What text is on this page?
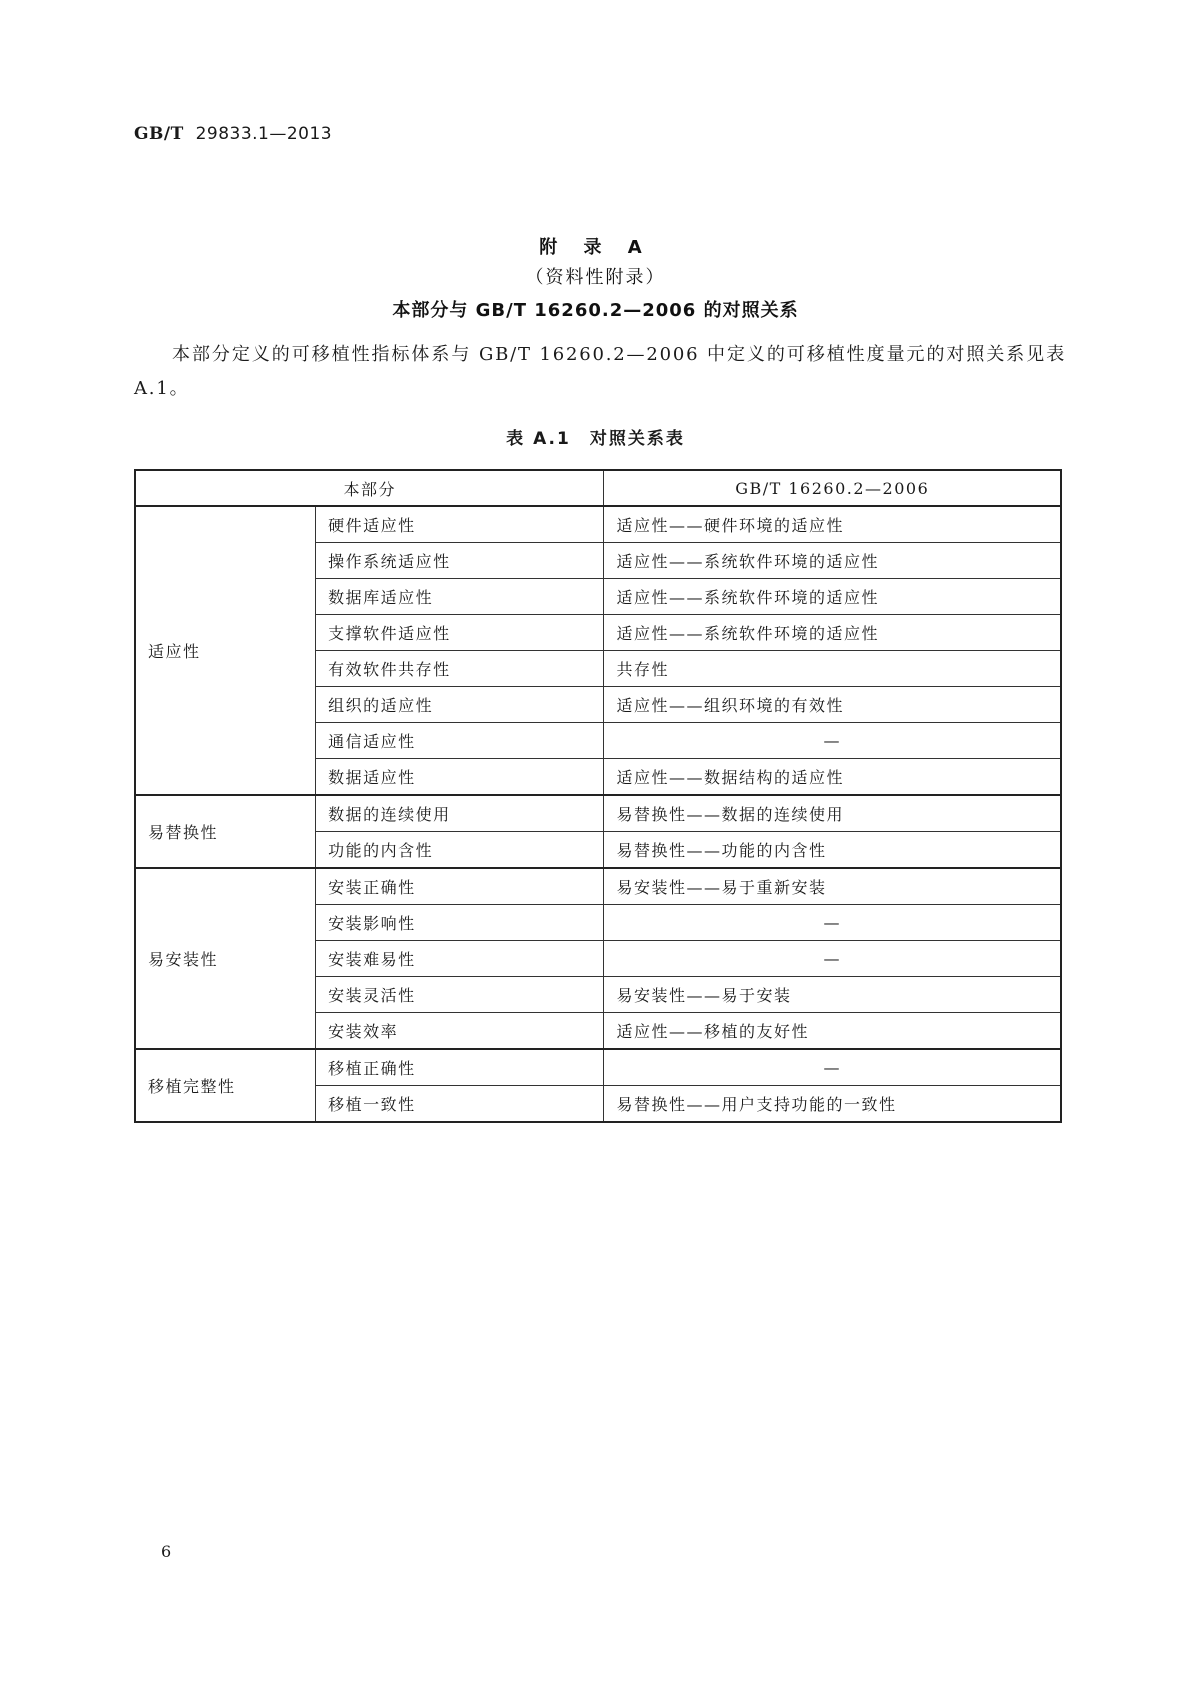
GB/T 29833.1—2013
附 录 A
（资料性附录）
本部分与 GB/T 16260.2—2006 的对照关系
本部分定义的可移植性指标体系与 GB/T 16260.2—2006 中定义的可移植性度量元的对照关系见表 A.1。
表 A.1　对照关系表
本部分		GB/T 16260.2—2006
适应性	硬件适应性	适应性——硬件环境的适应性
	操作系统适应性	适应性——系统软件环境的适应性
	数据库适应性	适应性——系统软件环境的适应性
	支撑软件适应性	适应性——系统软件环境的适应性
	有效软件共存性	共存性
	组织的适应性	适应性——组织环境的有效性
	通信适应性	—
	数据适应性	适应性——数据结构的适应性
易替换性	数据的连续使用	易替换性——数据的连续使用
	功能的内含性	易替换性——功能的内含性
易安装性	安装正确性	易安装性——易于重新安装
	安装影响性	—
	安装难易性	—
	安装灵活性	易安装性——易于安装
	安装效率	适应性——移植的友好性
移植完整性	移植正确性	—
	移植一致性	易替换性——用户支持功能的一致性
6
